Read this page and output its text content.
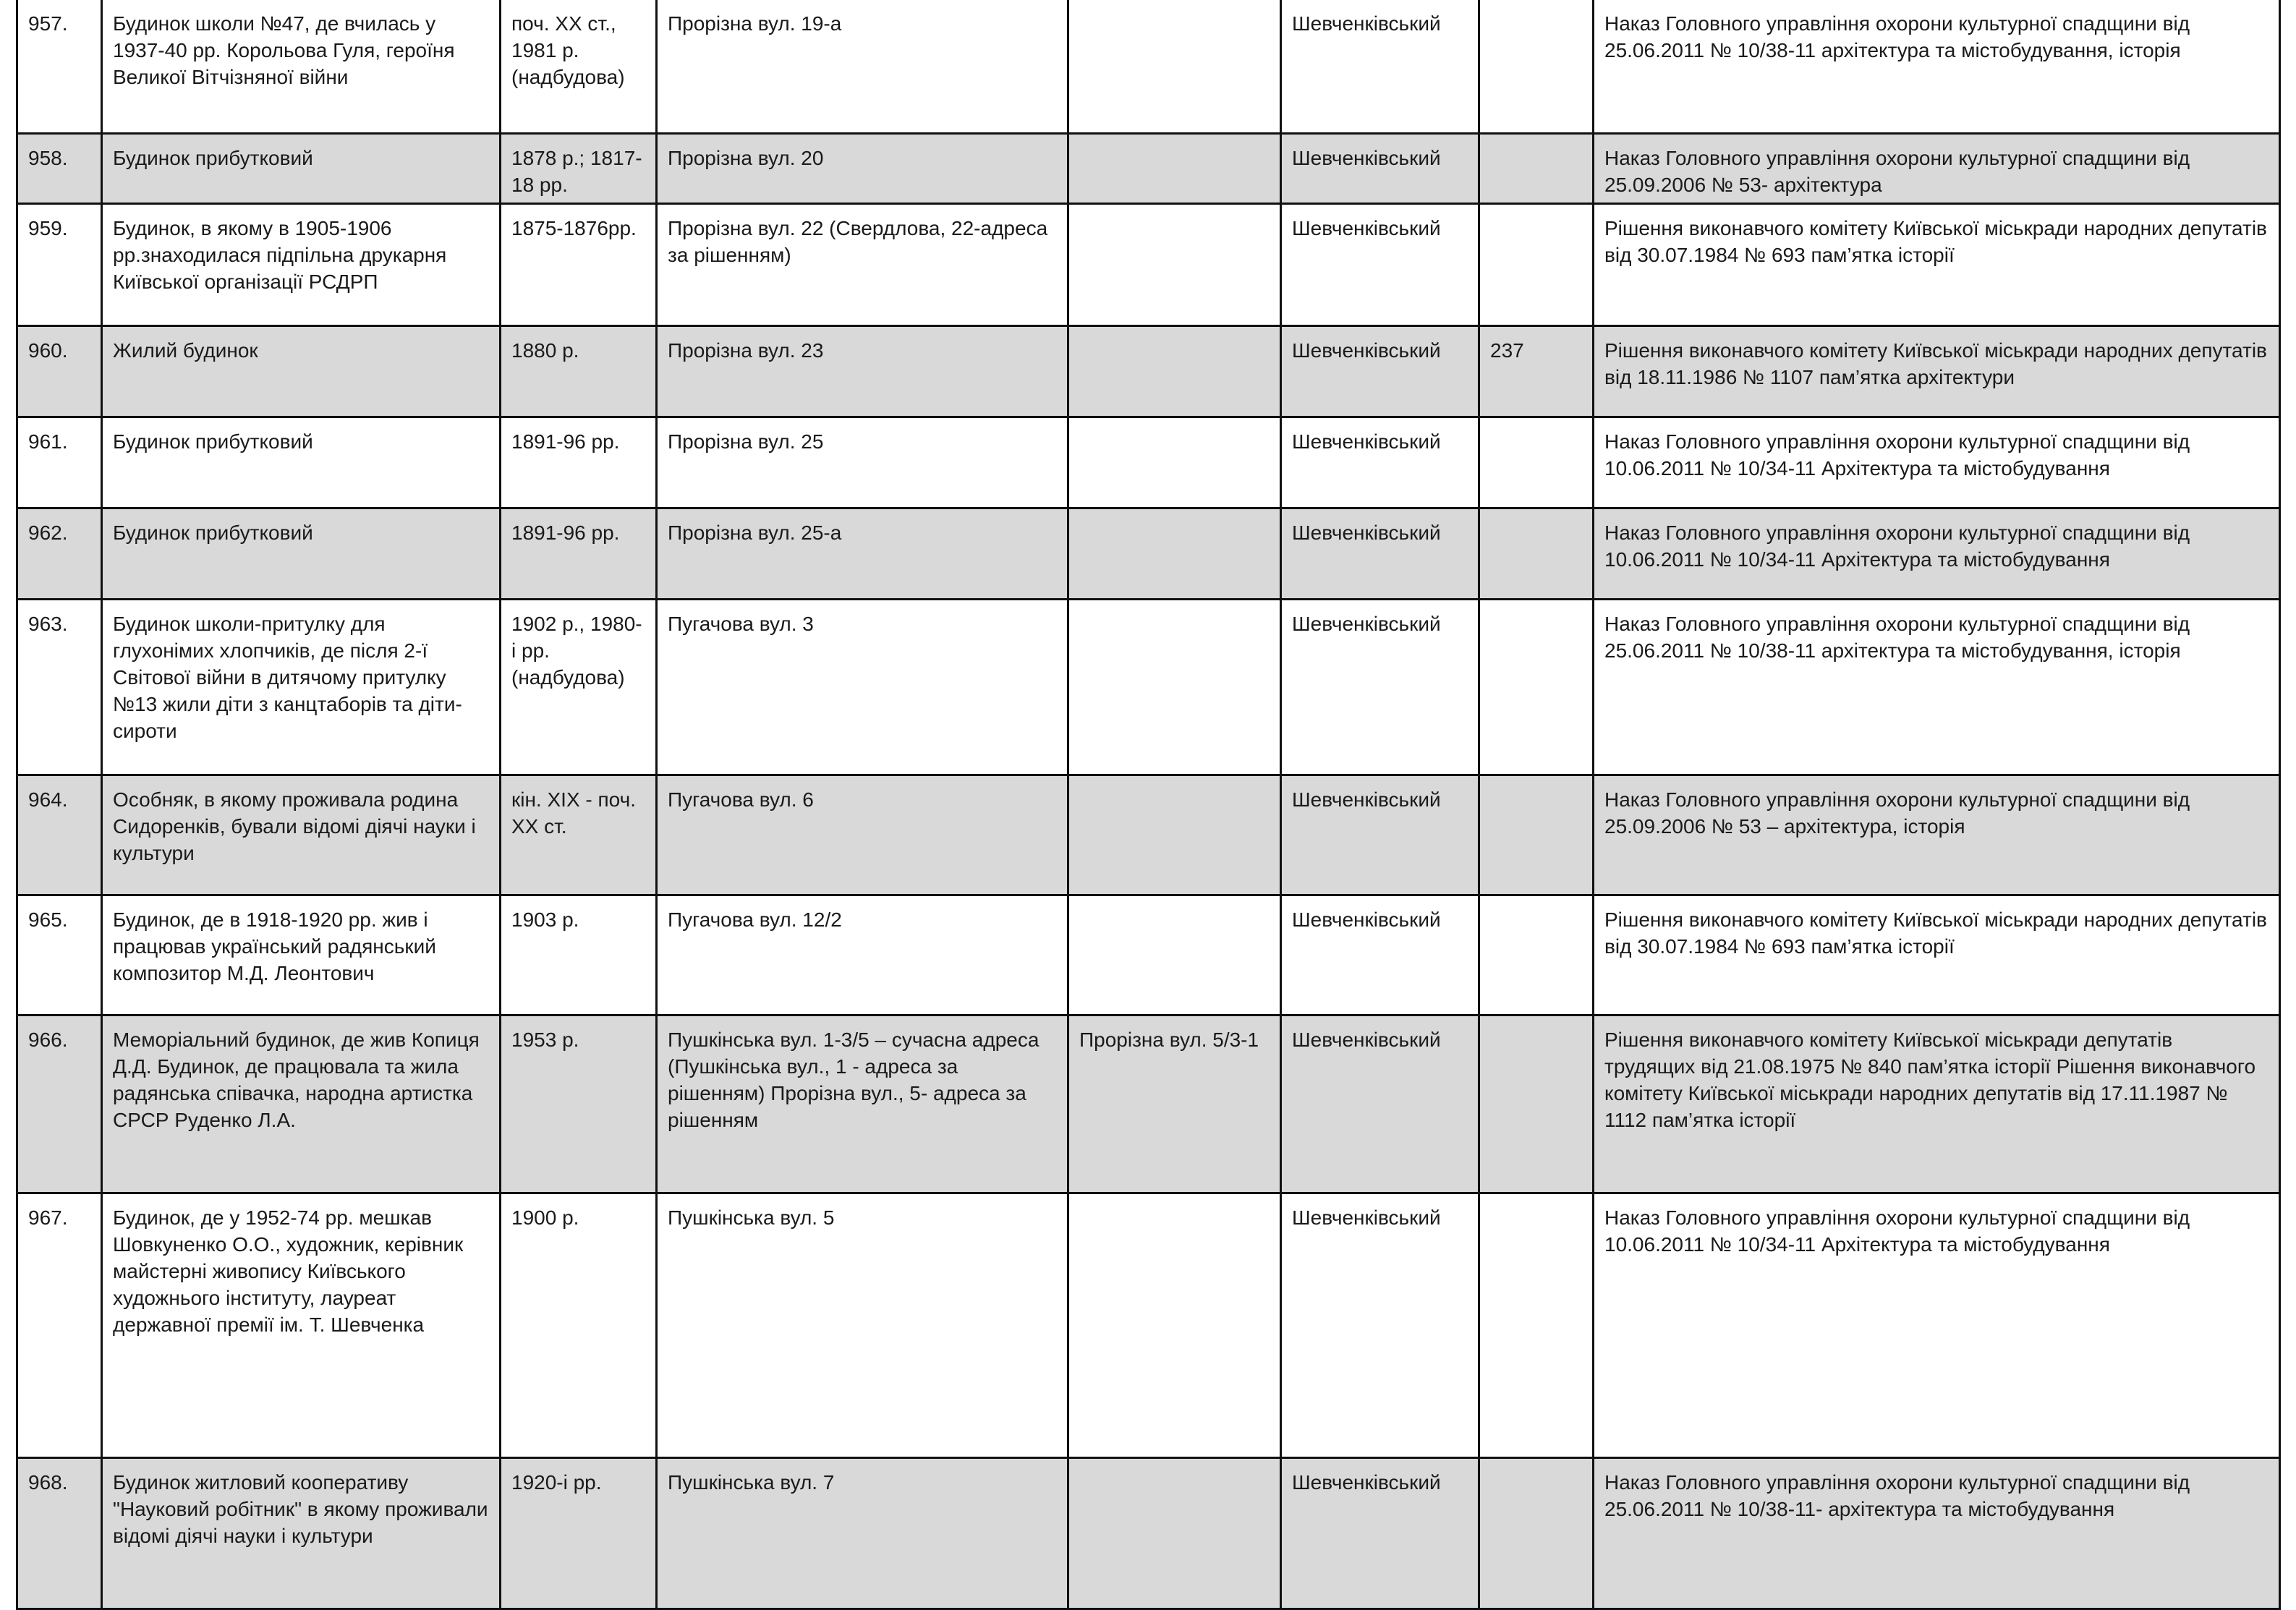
957.	Будинок школи №47, де вчилась у 1937-40 рр. Корольова Гуля, героїня Великої Вітчізняної війни	поч. XX ст., 1981 р. (надбудова)	Прорізна вул. 19-а		Шевченківський		Наказ Головного управління охорони культурної спадщини від 25.06.2011 № 10/38-11 архітектура та містобудування, історія
958.	Будинок прибутковий	1878 р.; 1817-18 рр.	Прорізна вул. 20		Шевченківський		Наказ Головного управління охорони культурної спадщини від 25.09.2006 № 53- архітектура
959.	Будинок, в якому в 1905-1906 рр.знаходилася підпільна друкарня Київської організації РСДРП	1875-1876рр.	Прорізна вул. 22 (Свердлова, 22-адреса за рішенням)		Шевченківський		Рішення виконавчого комітету Київської міськради народних депутатів від 30.07.1984 № 693 пам’ятка історії
960.	Жилий будинок	1880 р.	Прорізна вул. 23		Шевченківський	237	Рішення виконавчого комітету Київської міськради народних депутатів від 18.11.1986 № 1107 пам’ятка архітектури
961.	Будинок прибутковий	1891-96 рр.	Прорізна вул. 25		Шевченківський		Наказ Головного управління охорони культурної спадщини від 10.06.2011 № 10/34-11 Архітектура та містобудування
962.	Будинок прибутковий	1891-96 рр.	Прорізна вул. 25-а		Шевченківський		Наказ Головного управління охорони культурної спадщини від 10.06.2011 № 10/34-11 Архітектура та містобудування
963.	Будинок школи-притулку для глухонімих хлопчиків, де після 2-ї Світової війни в дитячому притулку №13 жили діти з канцтаборів та діти-сироти	1902 р., 1980-і рр. (надбудова)	Пугачова вул. 3		Шевченківський		Наказ Головного управління охорони культурної спадщини від 25.06.2011 № 10/38-11 архітектура та містобудування, історія
964.	Особняк, в якому проживала родина Сидоренків, бували відомі діячі науки і культури	кін. XIX - поч. XX ст.	Пугачова вул. 6		Шевченківський		Наказ Головного управління охорони культурної спадщини від 25.09.2006 № 53 – архітектура, історія
965.	Будинок, де в 1918-1920 рр. жив і працював український радянський композитор М.Д. Леонтович	1903 р.	Пугачова вул. 12/2		Шевченківський		Рішення виконавчого комітету Київської міськради народних депутатів від 30.07.1984 № 693 пам’ятка історії
966.	Меморіальний будинок, де жив Копиця Д.Д. Будинок, де працювала та жила радянська співачка, народна артистка СРСР Руденко Л.А.	1953 р.	Пушкінська вул. 1-3/5 – сучасна адреса (Пушкінська вул., 1 - адреса за рішенням) Прорізна вул., 5- адреса за рішенням	Прорізна вул. 5/3-1	Шевченківський		Рішення виконавчого комітету Київської міськради депутатів трудящих від 21.08.1975 № 840 пам’ятка історії Рішення виконавчого комітету Київської міськради народних депутатів від 17.11.1987 № 1112 пам’ятка історії
967.	Будинок, де у 1952-74 рр. мешкав Шовкуненко О.О., художник, керівник майстерні живопису Київського художнього інституту, лауреат державної премії ім. Т. Шевченка	1900 р.	Пушкінська вул. 5		Шевченківський		Наказ Головного управління охорони культурної спадщини від 10.06.2011 № 10/34-11 Архітектура та містобудування
968.	Будинок житловий кооперативу "Науковий робітник" в якому проживали відомі діячі науки і культури	1920-і рр.	Пушкінська вул. 7		Шевченківський		Наказ Головного управління охорони культурної спадщини від 25.06.2011 № 10/38-11- архітектура та містобудування
